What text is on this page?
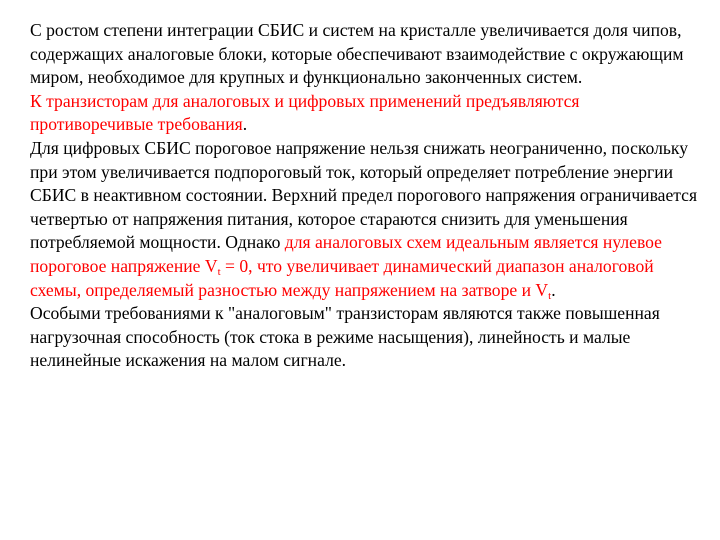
С ростом степени интеграции СБИС и систем на кристалле увеличивается доля чипов, содержащих аналоговые блоки, которые обеспечивают взаимодействие с окружающим миром, необходимое для крупных и функционально законченных систем.

К транзисторам для аналоговых и цифровых применений предъявляются противоречивые требования.

Для цифровых СБИС пороговое напряжение нельзя снижать неограниченно, поскольку при этом увеличивается подпороговый ток, который определяет потребление энергии СБИС в неактивном состоянии. Верхний предел порогового напряжения ограничивается четвертью от напряжения питания, которое стараются снизить для уменьшения потребляемой мощности. Однако для аналоговых схем идеальным является нулевое пороговое напряжение $V_t = 0$, что увеличивает динамический диапазон аналоговой схемы, определяемый разностью между напряжением на затворе и $V_t$.

Особыми требованиями к "аналоговым" транзисторам являются также повышенная нагрузочная способность (ток стока в режиме насыщения), линейность и малые нелинейные искажения на малом сигнале.
